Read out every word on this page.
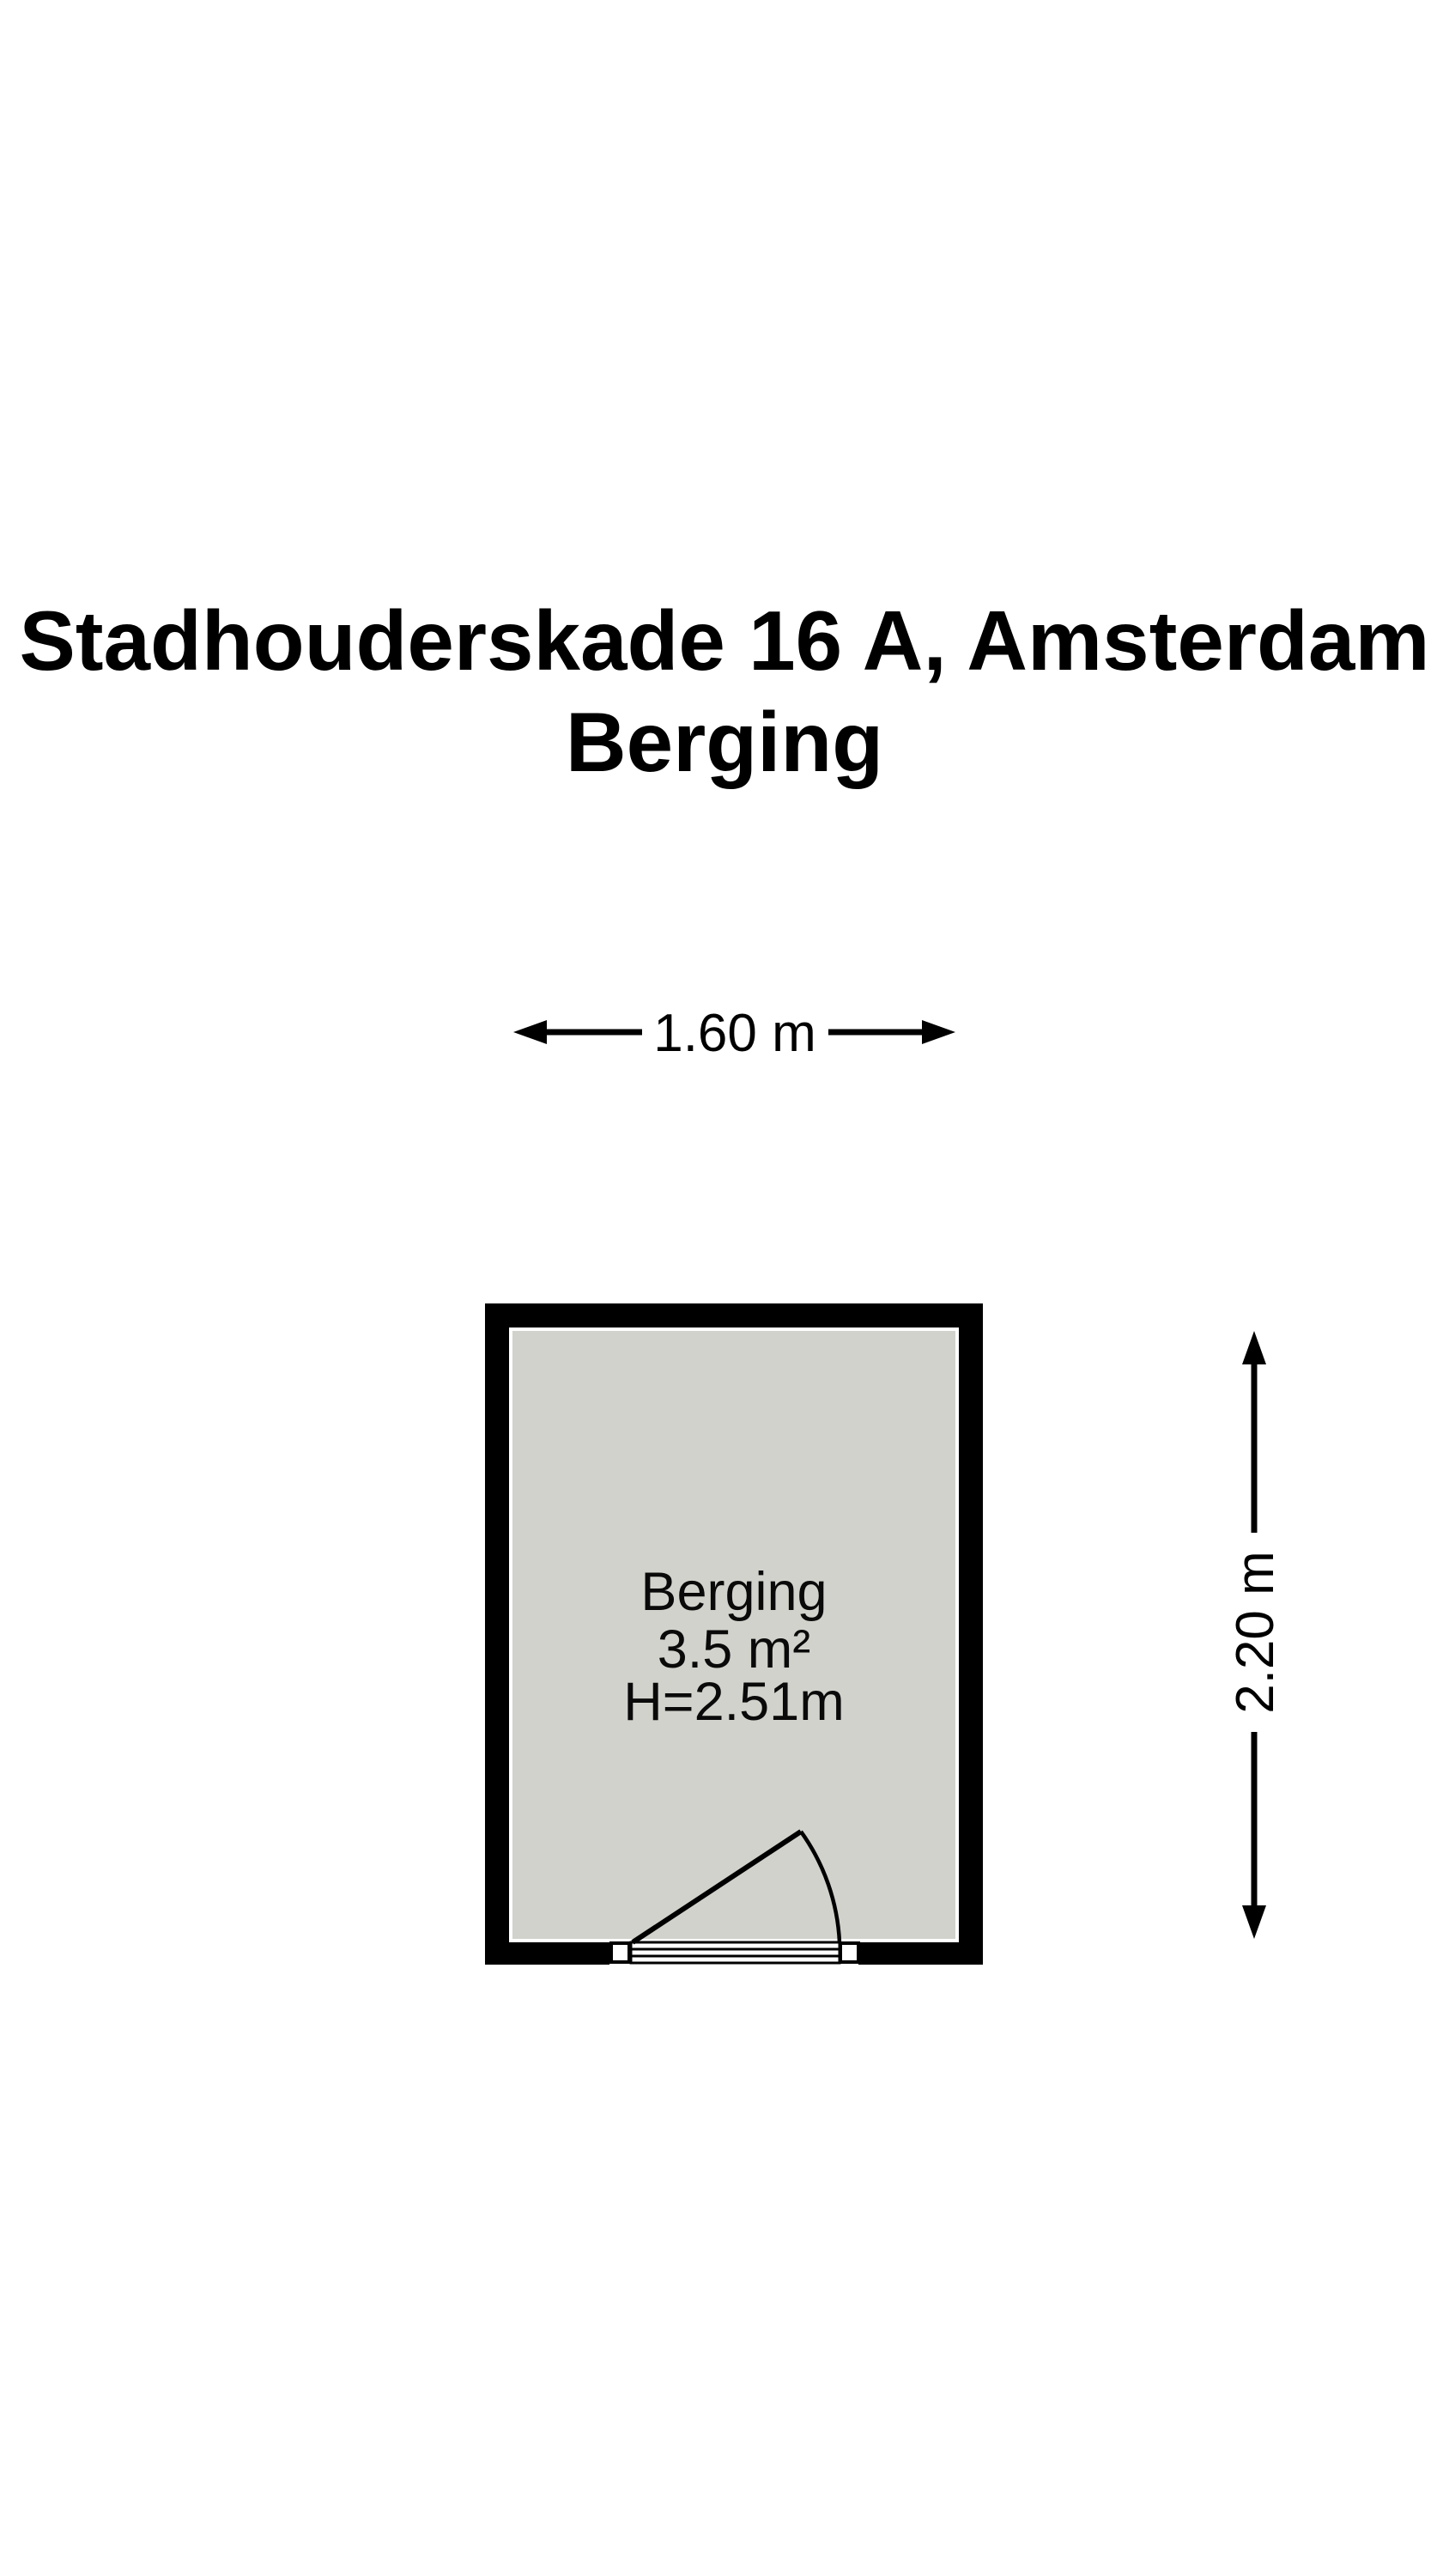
Stadhouderskade 16 A, Amsterdam
Berging
1.60 m
Berging
3.5 m²
H=2.51m	2.20 m
